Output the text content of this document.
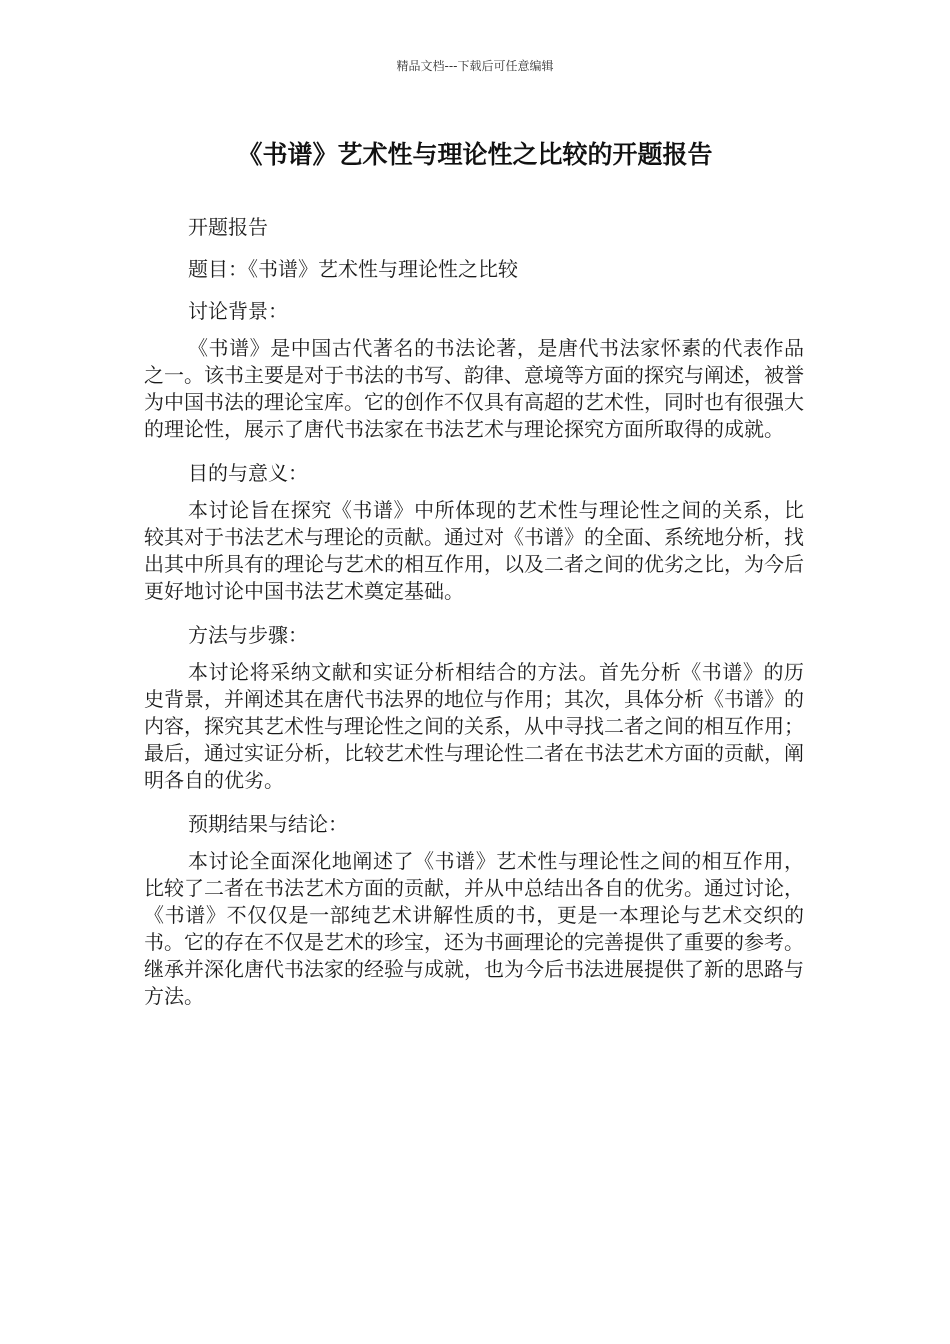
精品文档---下载后可任意编辑
《书谱》艺术性与理论性之比较的开题报告

开题报告

题目：《书谱》艺术性与理论性之比较

讨论背景：

《书谱》是中国古代著名的书法论著，是唐代书法家怀素的代表作品之一。该书主要是对于书法的书写、韵律、意境等方面的探究与阐述，被誉为中国书法的理论宝库。它的创作不仅具有高超的艺术性，同时也有很强大的理论性，展示了唐代书法家在书法艺术与理论探究方面所取得的成就。

目的与意义：

本讨论旨在探究《书谱》中所体现的艺术性与理论性之间的关系，比较其对于书法艺术与理论的贡献。通过对《书谱》的全面、系统地分析，找出其中所具有的理论与艺术的相互作用，以及二者之间的优劣之比，为今后更好地讨论中国书法艺术奠定基础。

方法与步骤：

本讨论将采纳文献和实证分析相结合的方法。首先分析《书谱》的历史背景，并阐述其在唐代书法界的地位与作用；其次，具体分析《书谱》的内容，探究其艺术性与理论性之间的关系，从中寻找二者之间的相互作用；最后，通过实证分析，比较艺术性与理论性二者在书法艺术方面的贡献，阐明各自的优劣。

预期结果与结论：

本讨论全面深化地阐述了《书谱》艺术性与理论性之间的相互作用，比较了二者在书法艺术方面的贡献，并从中总结出各自的优劣。通过讨论，《书谱》不仅仅是一部纯艺术讲解性质的书，更是一本理论与艺术交织的书。它的存在不仅是艺术的珍宝，还为书画理论的完善提供了重要的参考。继承并深化唐代书法家的经验与成就，也为今后书法进展提供了新的思路与方法。
